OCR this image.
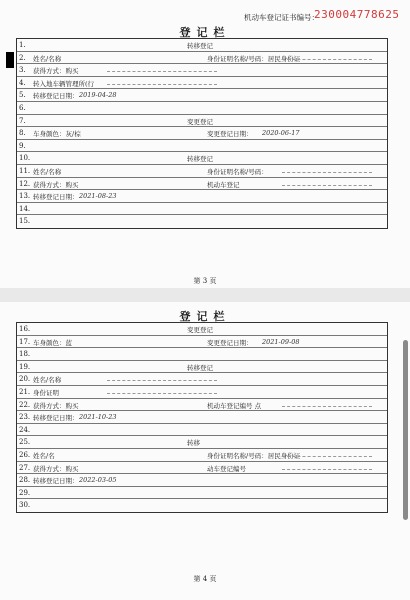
机动车登记证书编号：
230004778625
登记栏
1.	转移登记
2. 姓名/名称	身份证明名称/号码：居民身份证
3. 获得方式：购买
4. 转入地车辆管理所(行
5. 转移登记日期： 2019-04-28
6.
7.	变更登记
8. 车身颜色：灰/棕	变更登记日期： 2020-06-17
9.
10.	转移登记
11. 姓名/名称	身份证明名称/号码：
12. 获得方式：购买	机动车登记
13. 转移登记日期： 2021-08-23
14.
15.
第 3 页
登记栏
16.	变更登记
17. 车身颜色：蓝	变更登记日期： 2021-09-08
18.
19.	转移登记
20. 姓名/名称
21. 身份证明
22. 获得方式：购买	机动车登记编号 点
23. 转移登记日期： 2021-10-23
24.
25.	转移
26. 姓名/名	身份证明名称/号码：居民身份证
27. 获得方式：购买	动车登记编号
28. 转移登记日期： 2022-03-05
29.
30.
第 4 页
